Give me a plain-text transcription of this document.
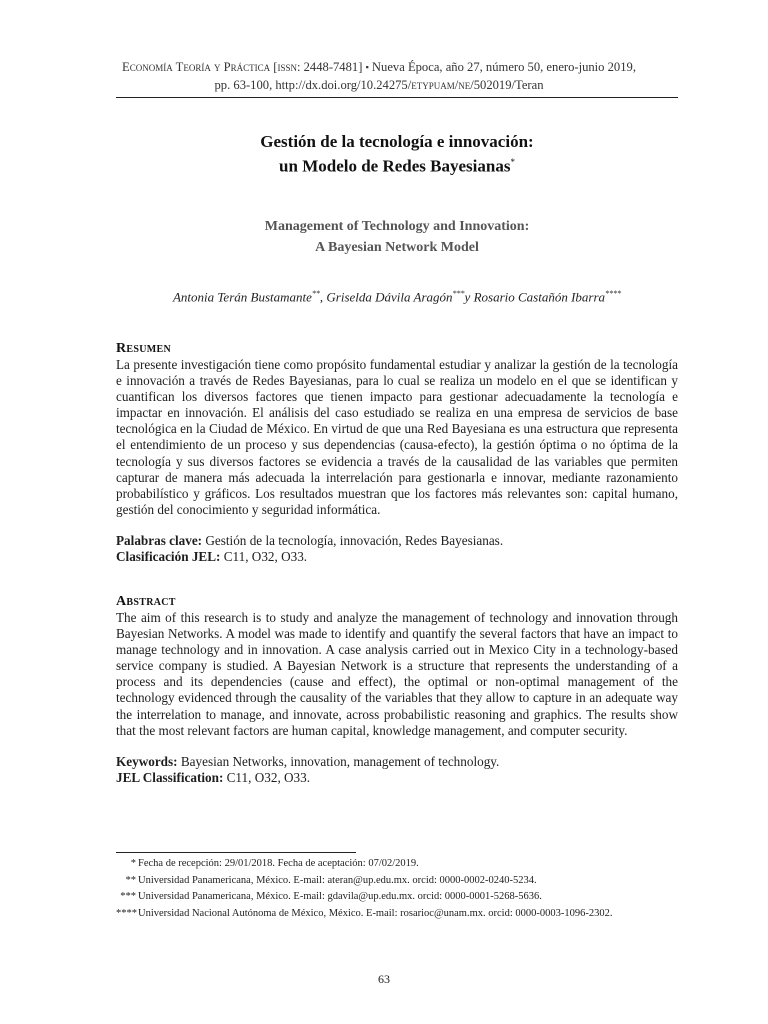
Economía Teoría y Práctica [issn: 2448-7481] ▪ Nueva Época, año 27, número 50, enero-junio 2019,
pp. 63-100, http://dx.doi.org/10.24275/etypuam/ne/502019/Teran
Gestión de la tecnología e innovación:
un Modelo de Redes Bayesianas*
Management of Technology and Innovation:
A Bayesian Network Model
Antonia Terán Bustamante**, Griselda Dávila Aragón***y Rosario Castañón Ibarra****
Resumen

La presente investigación tiene como propósito fundamental estudiar y analizar la gestión de la tecnología e innovación a través de Redes Bayesianas, para lo cual se realiza un modelo en el que se identifican y cuantifican los diversos factores que tienen impacto para gestionar adecuadamente la tecnología e impactar en innovación. El análisis del caso estudiado se realiza en una empresa de servicios de base tecnológica en la Ciudad de México. En virtud de que una Red Bayesiana es una estructura que representa el entendimiento de un proceso y sus dependencias (causa-efecto), la gestión óptima o no óptima de la tecnología y sus diversos factores se evidencia a través de la causalidad de las variables que permiten capturar de manera más adecuada la interrelación para gestionarla e innovar, mediante razonamiento probabilístico y gráficos. Los resultados muestran que los factores más relevantes son: capital humano, gestión del conocimiento y seguridad informática.

Palabras clave: Gestión de la tecnología, innovación, Redes Bayesianas.
Clasificación JEL: C11, O32, O33.
Abstract

The aim of this research is to study and analyze the management of technology and innovation through Bayesian Networks. A model was made to identify and quantify the several factors that have an impact to manage technology and in innovation. A case analysis carried out in Mexico City in a technology-based service company is studied. A Bayesian Network is a structure that represents the understanding of a process and its dependencies (cause and effect), the optimal or non-optimal management of the technology evidenced through the causality of the variables that they allow to capture in an adequate way the interrelation to manage, and innovate, across probabilistic reasoning and graphics. The results show that the most relevant factors are human capital, knowledge management, and computer security.

Keywords: Bayesian Networks, innovation, management of technology.
JEL Classification: C11, O32, O33.
* Fecha de recepción: 29/01/2018. Fecha de aceptación: 07/02/2019.
** Universidad Panamericana, México. E-mail: ateran@up.edu.mx. orcid: 0000-0002-0240-5234.
*** Universidad Panamericana, México. E-mail: gdavila@up.edu.mx. orcid: 0000-0001-5268-5636.
**** Universidad Nacional Autónoma de México, México. E-mail: rosarioc@unam.mx. orcid: 0000-0003-1096-2302.
63
